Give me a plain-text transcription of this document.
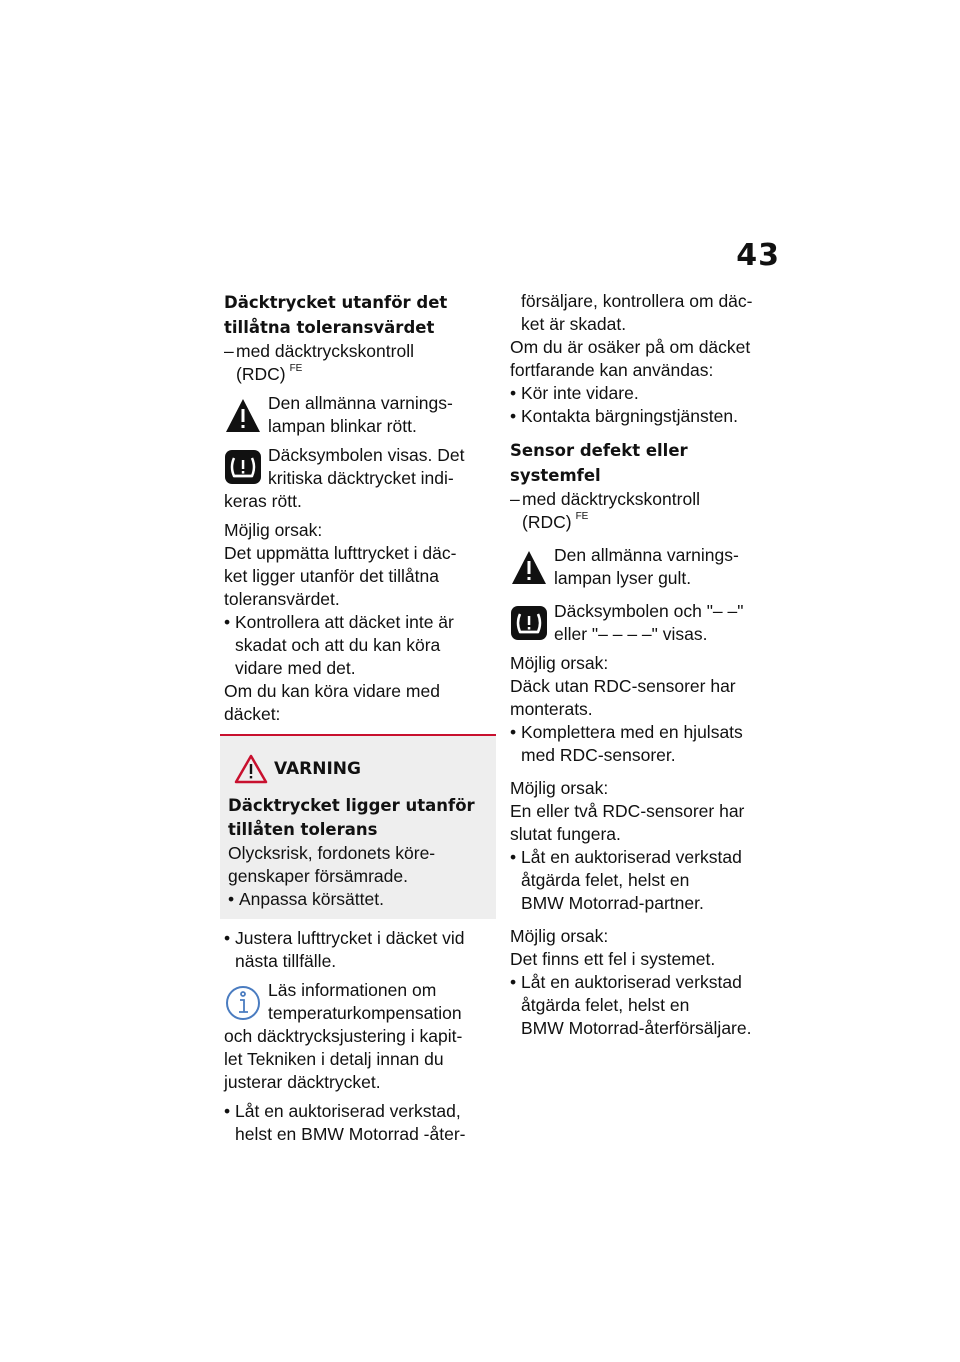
43

Däcktrycket utanför det
tillåtna toleransvärdet

– med däcktryckskontroll
(RDC) $^{FE}$
Den allmänna varnings-
lampan blinkar rött.
Däcksymbolen visas. Det
kritiska däcktrycket indi-
keras rött.

Möjlig orsak:
Det uppmätta lufttrycket i däc-
ket ligger utanför det tillåtna
toleransvärdet.

• Kontrollera att däcket inte är
skadat och att du kan köra
vidare med det.

Om du kan köra vidare med
däcket:

VARNING

Däcktrycket ligger utanför
tillåten tolerans

Olycksrisk, fordonets köre-
genskaper försämrade.

• Anpassa körsättet.
• Justera lufttrycket i däcket vid
nästa tillfälle.
Läs informationen om
temperaturkompensation
och däcktrycksjustering i kapit-
let Tekniken i detalj innan du
justerar däcktrycket.
• Låt en auktoriserad verkstad,
helst en BMW Motorrad -åter-
försäljare, kontrollera om däc-
ket är skadat.

Om du är osäker på om däcket
fortfarande kan användas:

• Kör inte vidare.
• Kontakta bärgningstjänsten.

Sensor defekt eller systemfel

– med däcktryckskontroll
(RDC) $^{FE}$
Den allmänna varnings-
lampan lyser gult.
Däcksymbolen och "– –"
eller "– – – –" visas.

Möjlig orsak:
Däck utan RDC-sensorer har
monterats.

• Komplettera med en hjulsats
med RDC-sensorer.

Möjlig orsak:
En eller två RDC-sensorer har
slutat fungera.

• Låt en auktoriserad verkstad
åtgärda felet, helst en
BMW Motorrad-partner.

Möjlig orsak:
Det finns ett fel i systemet.

• Låt en auktoriserad verkstad
åtgärda felet, helst en
BMW Motorrad-återförsäljare.
